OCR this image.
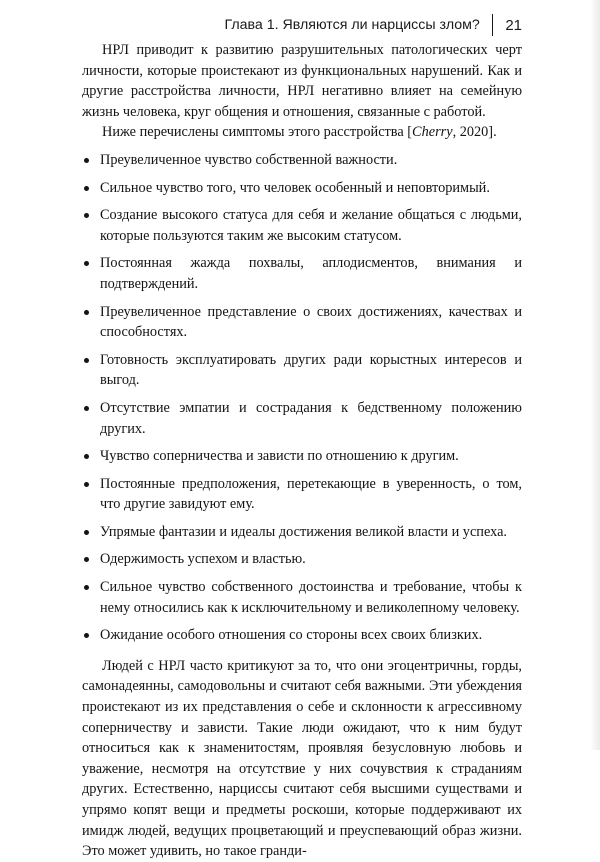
Глава 1. Являются ли нарциссы злом? 21

НРЛ приводит к развитию разрушительных патологических черт личности, которые проистекают из функциональных нарушений. Как и другие расстройства личности, НРЛ негативно влияет на семейную жизнь человека, круг общения и отношения, связанные с работой.

Ниже перечислены симптомы этого расстройства [Cherry, 2020].

Преувеличенное чувство собственной важности.
Сильное чувство того, что человек особенный и неповторимый.
Создание высокого статуса для себя и желание общаться с людьми, которые пользуются таким же высоким статусом.
Постоянная жажда похвалы, аплодисментов, внимания и подтверждений.
Преувеличенное представление о своих достижениях, качествах и способностях.
Готовность эксплуатировать других ради корыстных интересов и выгод.
Отсутствие эмпатии и сострадания к бедственному положению других.
Чувство соперничества и зависти по отношению к другим.
Постоянные предположения, перетекающие в уверенность, о том, что другие завидуют ему.
Упрямые фантазии и идеалы достижения великой власти и успеха.
Одержимость успехом и властью.
Сильное чувство собственного достоинства и требование, чтобы к нему относились как к исключительному и великолепному человеку.
Ожидание особого отношения со стороны всех своих близких.

Людей с НРЛ часто критикуют за то, что они эгоцентричны, горды, самонадеянны, самодовольны и считают себя важными. Эти убеждения проистекают из их представления о себе и склонности к агрессивному соперничеству и зависти. Такие люди ожидают, что к ним будут относиться как к знаменитостям, проявляя безусловную любовь и уважение, несмотря на отсутствие у них сочувствия к страданиям других. Естественно, нарциссы считают себя высшими существами и упрямо копят вещи и предметы роскоши, которые поддерживают их имидж людей, ведущих процветающий и преуспевающий образ жизни. Это может удивить, но такое гранди-
